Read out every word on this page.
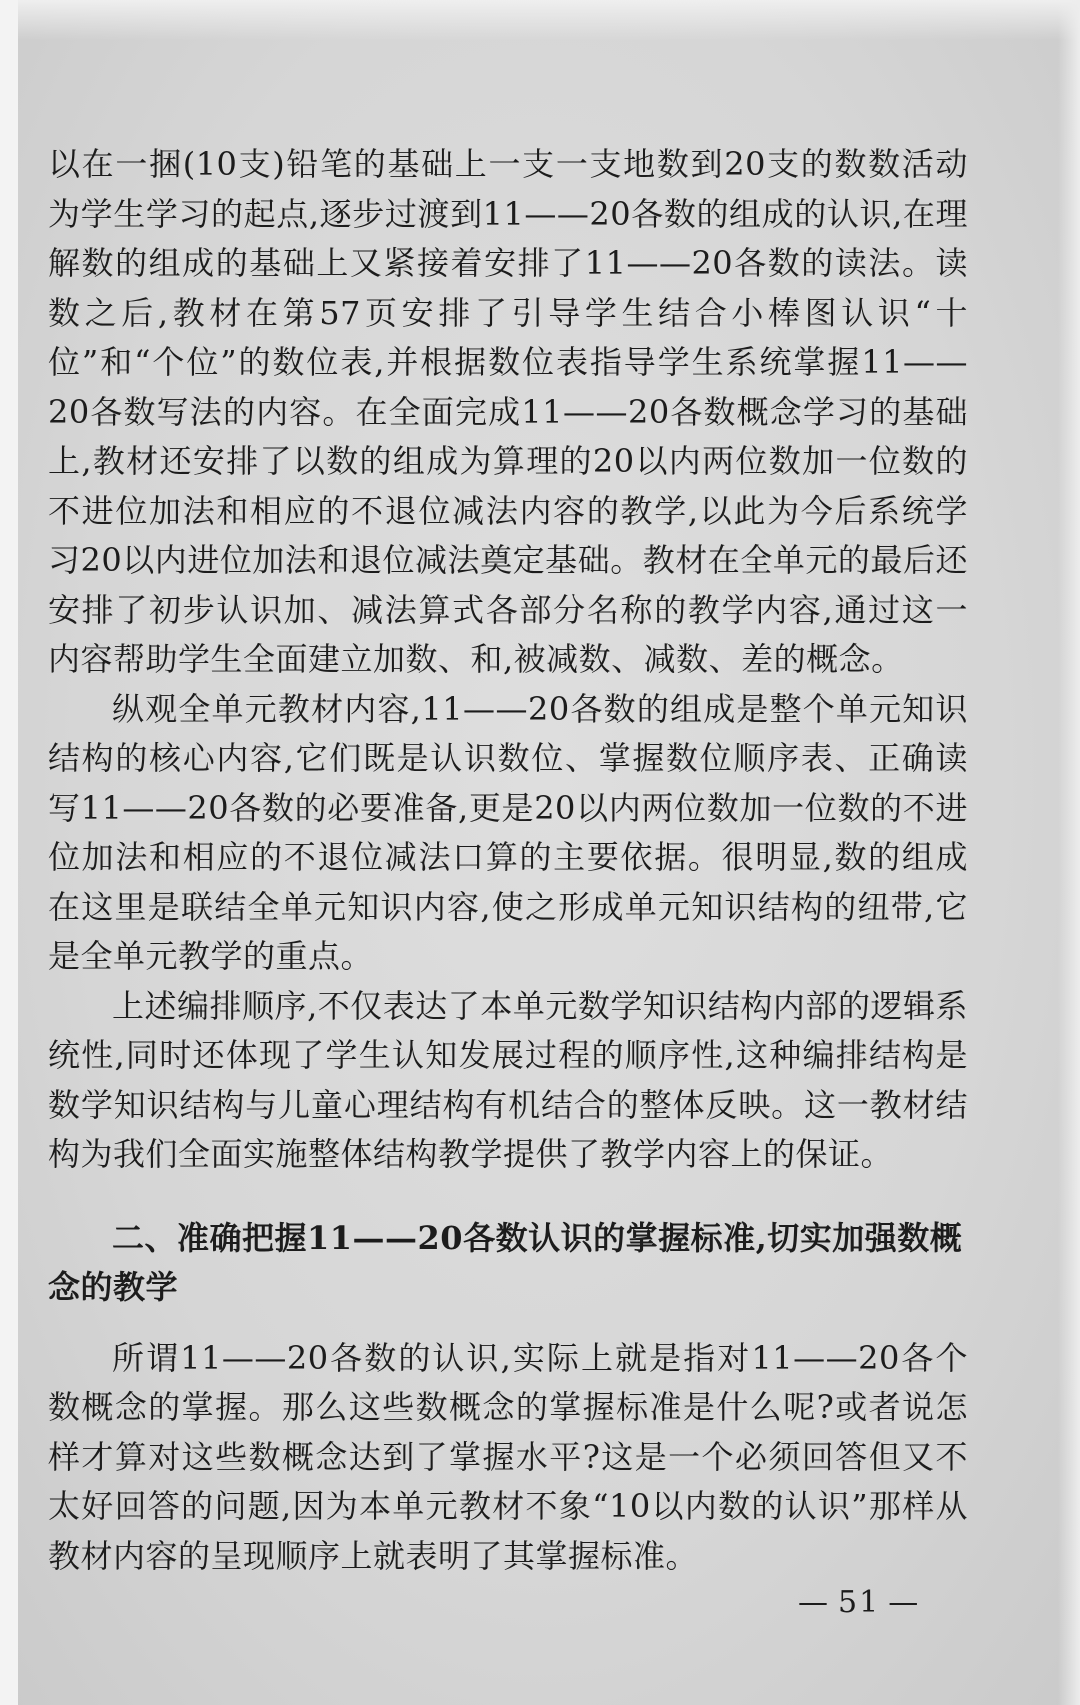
以在一捆(10支)铅笔的基础上一支一支地数到20支的数数活动为学生学习的起点,逐步过渡到11——20各数的组成的认识,在理解数的组成的基础上又紧接着安排了11——20各数的读法。读数之后,教材在第57页安排了引导学生结合小棒图认识“十位”和“个位”的数位表,并根据数位表指导学生系统掌握11——20各数写法的内容。在全面完成11——20各数概念学习的基础上,教材还安排了以数的组成为算理的20以内两位数加一位数的不进位加法和相应的不退位减法内容的教学,以此为今后系统学习20以内进位加法和退位减法奠定基础。教材在全单元的最后还安排了初步认识加、减法算式各部分名称的教学内容,通过这一内容帮助学生全面建立加数、和,被减数、减数、差的概念。

纵观全单元教材内容,11——20各数的组成是整个单元知识结构的核心内容,它们既是认识数位、掌握数位顺序表、正确读写11——20各数的必要准备,更是20以内两位数加一位数的不进位加法和相应的不退位减法口算的主要依据。很明显,数的组成在这里是联结全单元知识内容,使之形成单元知识结构的纽带,它是全单元教学的重点。

上述编排顺序,不仅表达了本单元数学知识结构内部的逻辑系统性,同时还体现了学生认知发展过程的顺序性,这种编排结构是数学知识结构与儿童心理结构有机结合的整体反映。这一教材结构为我们全面实施整体结构教学提供了教学内容上的保证。

二、准确把握11——20各数认识的掌握标准,切实加强数概念的教学

所谓11——20各数的认识,实际上就是指对11——20各个数概念的掌握。那么这些数概念的掌握标准是什么呢?或者说怎样才算对这些数概念达到了掌握水平?这是一个必须回答但又不太好回答的问题,因为本单元教材不象“10以内数的认识”那样从教材内容的呈现顺序上就表明了其掌握标准。

— 51 —
